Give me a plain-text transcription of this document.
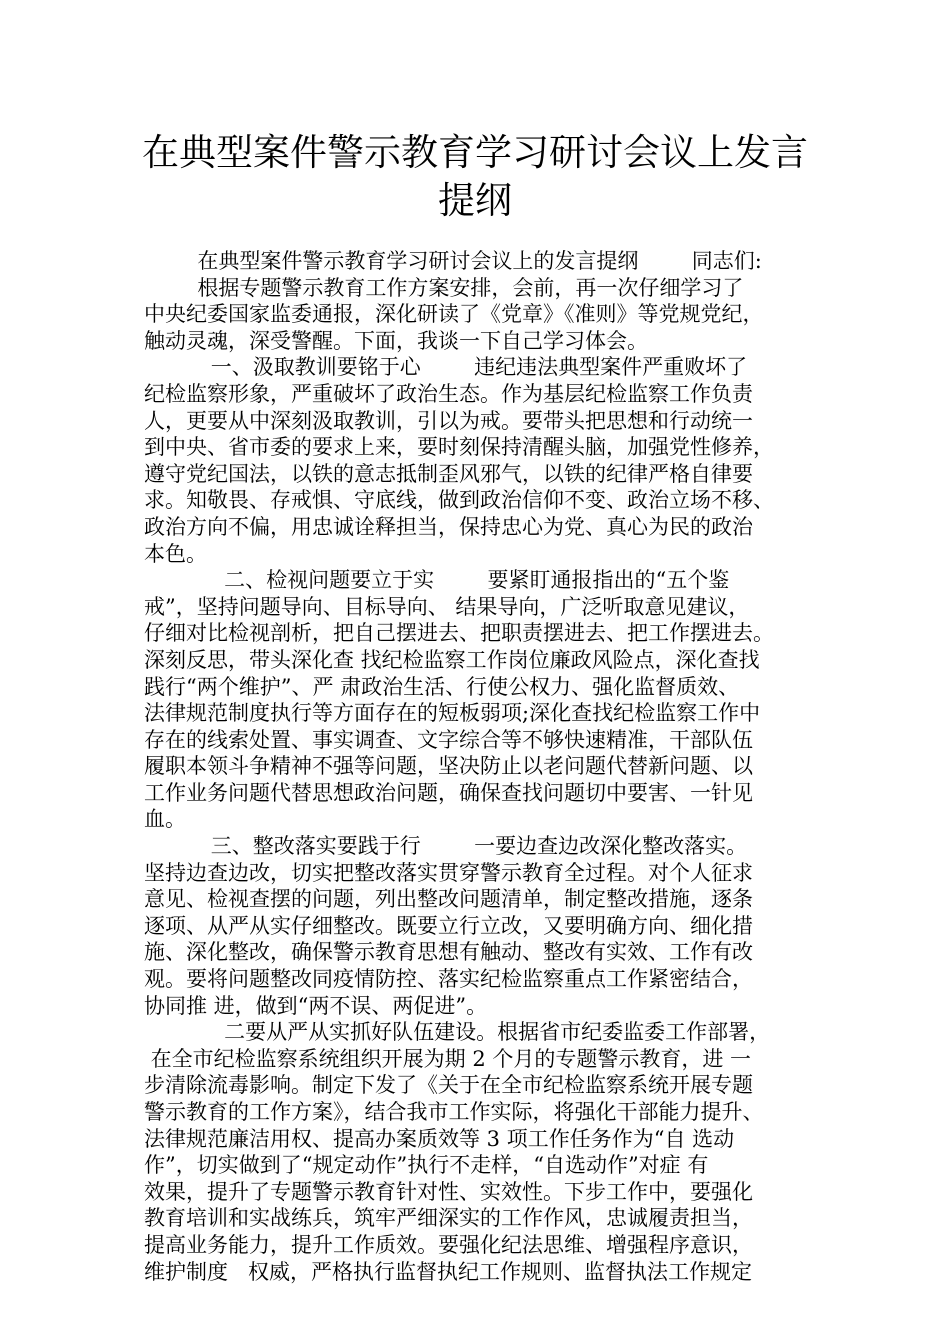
在典型案件警示教育学习研讨会议上发言
提纲
在典型案件警示教育学习研讨会议上的发言提纲        同志们:
根据专题警示教育工作方案安排，会前，再一次仔细学习了
中央纪委国家监委通报，深化研读了《党章》《准则》等党规党纪，
触动灵魂，深受警醒。下面，我谈一下自己学习体会。
一、汲取教训要铭于心        违纪违法典型案件严重败坏了
纪检监察形象，严重破坏了政治生态。作为基层纪检监察工作负责
人，更要从中深刻汲取教训，引以为戒。要带头把思想和行动统一
到中央、省市委的要求上来，要时刻保持清醒头脑，加强党性修养，
遵守党纪国法，以铁的意志抵制歪风邪气，以铁的纪律严格自律要
求。知敬畏、存戒惧、守底线，做到政治信仰不变、政治立场不移、
政治方向不偏，用忠诚诠释担当，保持忠心为党、真心为民的政治
本色。
二、检视问题要立于实        要紧盯通报指出的“五个鉴
戒”，坚持问题导向、目标导向、 结果导向，广泛听取意见建议，
仔细对比检视剖析，把自己摆进去、把职责摆进去、把工作摆进去。
深刻反思，带头深化查 找纪检监察工作岗位廉政风险点，深化查找
践行“两个维护”、严 肃政治生活、行使公权力、强化监督质效、
法律规范制度执行等方面存在的短板弱项;深化查找纪检监察工作中
存在的线索处置、事实调查、文字综合等不够快速精准，干部队伍
履职本领斗争精神不强等问题，坚决防止以老问题代替新问题、以
工作业务问题代替思想政治问题，确保查找问题切中要害、一针见
血。
三、整改落实要践于行        一要边查边改深化整改落实。
坚持边查边改，切实把整改落实贯穿警示教育全过程。对个人征求
意见、检视查摆的问题，列出整改问题清单，制定整改措施，逐条
逐项、从严从实仔细整改。既要立行立改，又要明确方向、细化措
施、深化整改，确保警示教育思想有触动、整改有实效、工作有改
观。要将问题整改同疫情防控、落实纪检监察重点工作紧密结合，
协同推 进，做到“两不误、两促进”。
二要从严从实抓好队伍建设。根据省市纪委监委工作部署，
在全市纪检监察系统组织开展为期 2 个月的专题警示教育，进 一
步清除流毒影响。制定下发了《关于在全市纪检监察系统开展专题
警示教育的工作方案》，结合我市工作实际，将强化干部能力提升、
法律规范廉洁用权、提高办案质效等 3 项工作任务作为“自 选动
作”，切实做到了“规定动作”执行不走样，“自选动作”对症 有
效果，提升了专题警示教育针对性、实效性。下步工作中，要强化
教育培训和实战练兵，筑牢严细深实的工作作风，忠诚履责担当，
提高业务能力，提升工作质效。要强化纪法思维、增强程序意识，
维护制度   权威，严格执行监督执纪工作规则、监督执法工作规定
